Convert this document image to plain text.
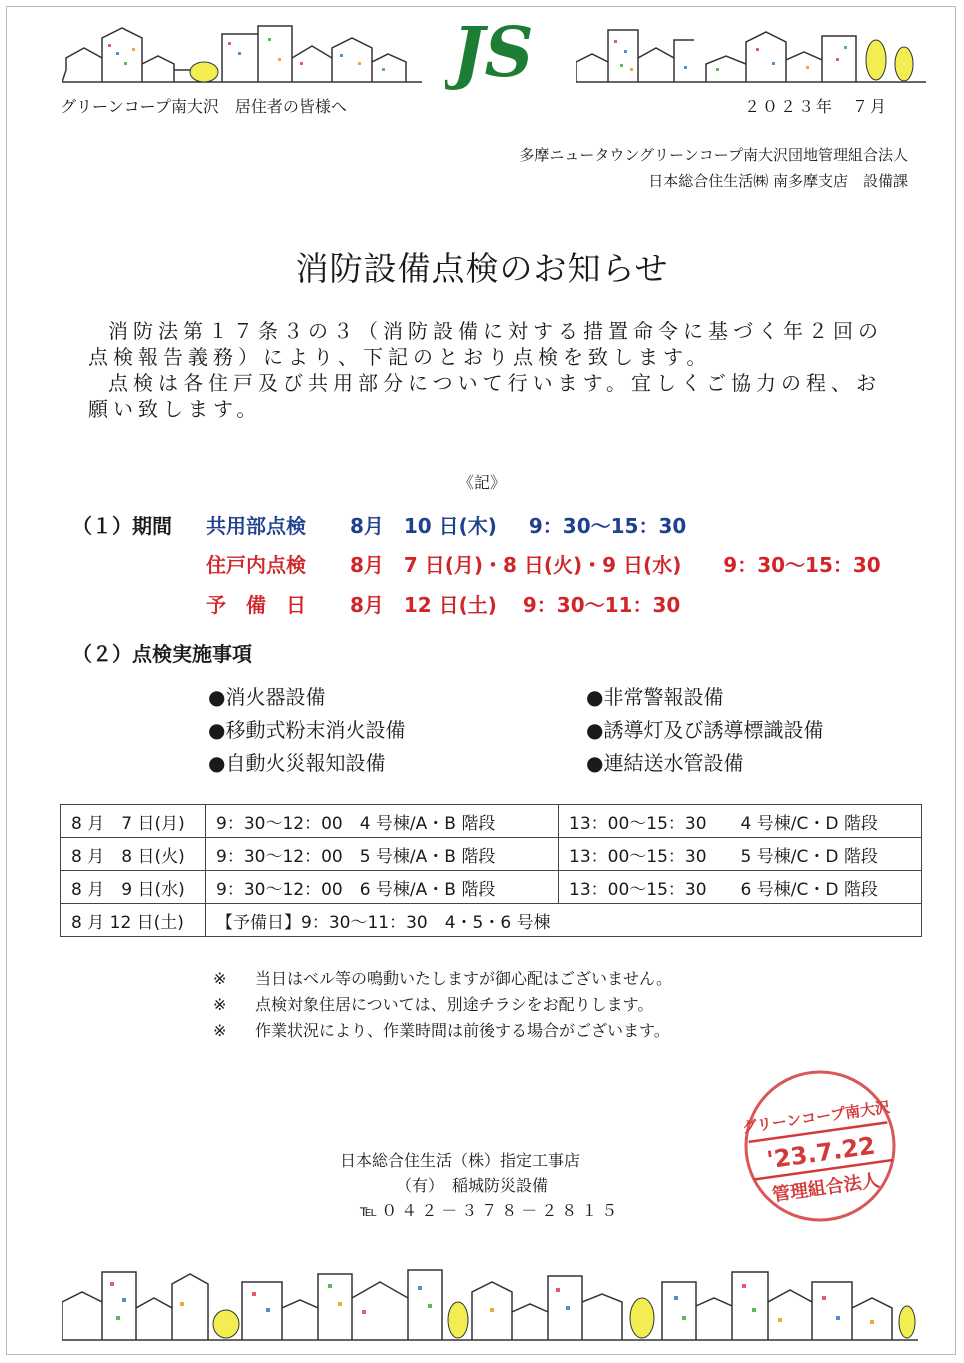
JS
グリーンコープ南大沢　居住者の皆様へ	２０２３年　７月
多摩ニュータウングリーンコープ南大沢団地管理組合法人
日本総合住生活㈱ 南多摩支店　設備課
消防設備点検のお知らせ

消防法第１７条３の３（消防設備に対する措置命令に基づく年２回の点検報告義務）により、下記のとおり点検を致します。

点検は各住戸及び共用部分について行います。宜しくご協力の程、お願い致します。

《記》
（１）期間 共用部点検 8月　10 日(木) 9：30～15：30
住戸内点検 8月　7 日(月)・8 日(火)・9 日(水) 9：30～15：30
予　備　日 8月　12 日(土) 9：30～11：30
（２）点検実施事項
●消火器設備
●移動式粉末消火設備
●自動火災報知設備
●非常警報設備
●誘導灯及び誘導標識設備
●連結送水管設備
8 月　7 日(月)	9：30～12：00　4 号棟/A・B 階段	13：00～15：30　　4 号棟/C・D 階段
8 月　8 日(火)	9：30～12：00　5 号棟/A・B 階段	13：00～15：30　　5 号棟/C・D 階段
8 月　9 日(水)	9：30～12：00　6 号棟/A・B 階段	13：00～15：30　　6 号棟/C・D 階段
8 月 12 日(土)	【予備日】9：30～11：30　4・5・6 号棟	
※ 当日はベル等の鳴動いたしますが御心配はございません。
※ 点検対象住居については、別途チラシをお配りします。
※ 作業状況により、作業時間は前後する場合がございます。
日本総合住生活（株）指定工事店
（有）　稲城防災設備
℡０４２－３７８－２８１５
グリーンコープ南大沢
'23.7.22
管理組合法人
